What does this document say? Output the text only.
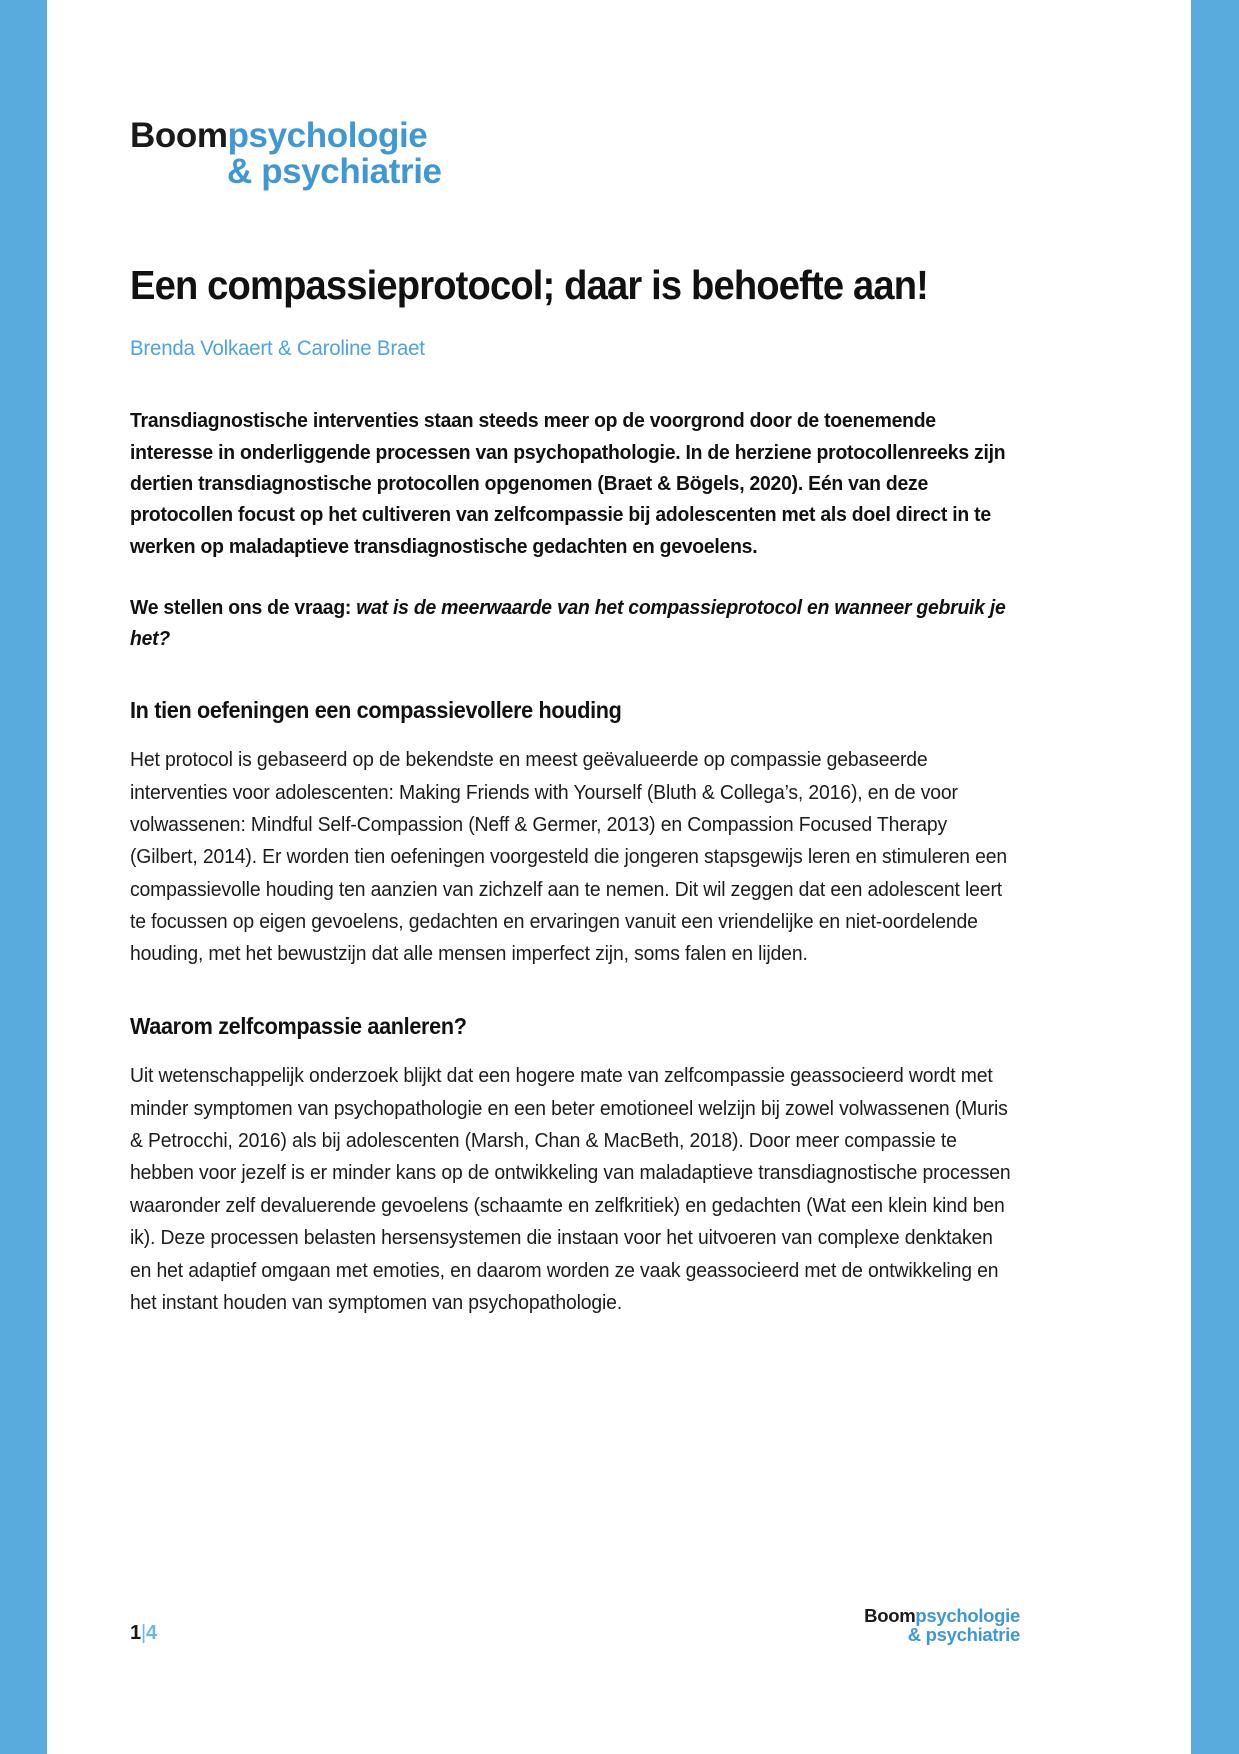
Boompsychologie
& psychiatrie
Een compassieprotocol; daar is behoefte aan!
Brenda Volkaert & Caroline Braet

Transdiagnostische interventies staan steeds meer op de voorgrond door de toenemende interesse in onderliggende processen van psychopathologie. In de herziene protocollenreeks zijn dertien transdiagnostische protocollen opgenomen (Braet & Bögels, 2020). Eén van deze protocollen focust op het cultiveren van zelfcompassie bij adolescenten met als doel direct in te werken op maladaptieve transdiagnostische gedachten en gevoelens.

We stellen ons de vraag: wat is de meerwaarde van het compassieprotocol en wanneer gebruik je het?

In tien oefeningen een compassievollere houding

Het protocol is gebaseerd op de bekendste en meest geëvalueerde op compassie gebaseerde interventies voor adolescenten: Making Friends with Yourself (Bluth & Collega’s, 2016), en de voor volwassenen: Mindful Self-Compassion (Neff & Germer, 2013) en Compassion Focused Therapy (Gilbert, 2014). Er worden tien oefeningen voorgesteld die jongeren stapsgewijs leren en stimuleren een compassievolle houding ten aanzien van zichzelf aan te nemen. Dit wil zeggen dat een adolescent leert te focussen op eigen gevoelens, gedachten en ervaringen vanuit een vriendelijke en niet-oordelende houding, met het bewustzijn dat alle mensen imperfect zijn, soms falen en lijden.

Waarom zelfcompassie aanleren?

Uit wetenschappelijk onderzoek blijkt dat een hogere mate van zelfcompassie geassocieerd wordt met minder symptomen van psychopathologie en een beter emotioneel welzijn bij zowel volwassenen (Muris & Petrocchi, 2016) als bij adolescenten (Marsh, Chan & MacBeth, 2018). Door meer compassie te hebben voor jezelf is er minder kans op de ontwikkeling van maladaptieve transdiagnostische processen waaronder zelf devaluerende gevoelens (schaamte en zelfkritiek) en gedachten (Wat een klein kind ben ik). Deze processen belasten hersensystemen die instaan voor het uitvoeren van complexe denktaken en het adaptief omgaan met emoties, en daarom worden ze vaak geassocieerd met de ontwikkeling en het instant houden van symptomen van psychopathologie.

1|4
Boompsychologie
& psychiatrie
